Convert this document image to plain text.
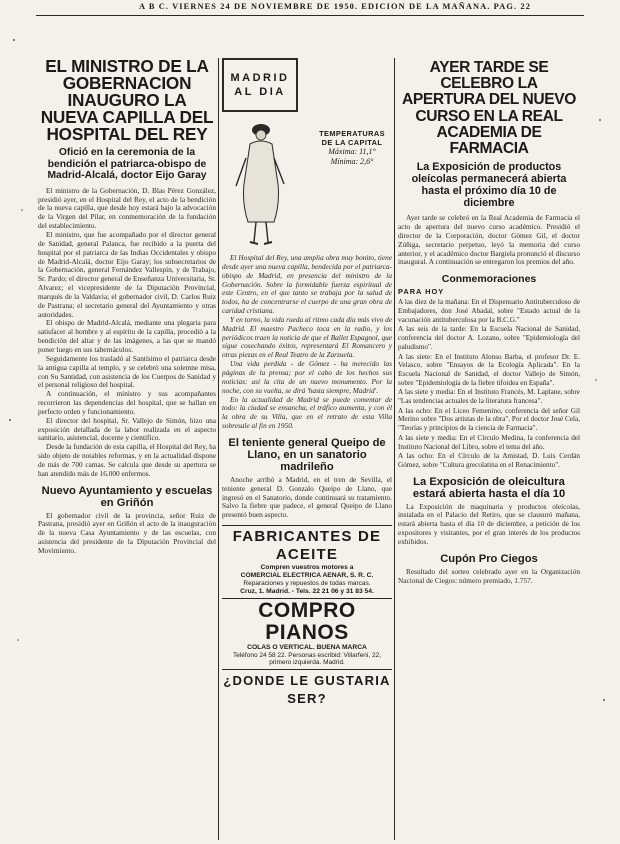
A B C. VIERNES 24 DE NOVIEMBRE DE 1950. EDICION DE LA MAÑANA. PAG. 22
EL MINISTRO DE LA GOBERNACION INAUGURO LA NUEVA CAPILLA DEL HOSPITAL DEL REY
Ofició en la ceremonia de la bendición el patriarca-obispo de Madrid-Alcalá, doctor Eijo Garay

El ministro de la Gobernación, D. Blas Pérez González, presidió ayer, en el Hospital del Rey, el acto de la bendición de la nueva capilla, que desde hoy estará bajo la advocación de la Virgen del Pilar, en conmemoración de la fundación del establecimiento.

El ministro, que fue acompañado por el director general de Sanidad, general Palanca, fue recibido a la puerta del hospital por el patriarca de las Indias Occidentales y obispo de Madrid-Alcalá, doctor Eijo Garay; los subsecretarios de la Gobernación, general Fernández Vallespín, y de Trabajo, Sr. Pardo; el director general de Enseñanza Universitaria, Sr. Alvarez; el vicepresidente de la Diputación Provincial, marqués de la Valdavia; el gobernador civil, D. Carlos Ruiz de Pastrana; el secretario general del Ayuntamiento y otras autoridades.

El obispo de Madrid-Alcalá, mediante una plegaria para satisfacer al hombre y al espíritu de la capilla, procedió a la bendición del altar y de las imágenes, a las que se mandó poner luego en sus tabernáculos.

Seguidamente los trasladó al Santísimo el patriarca desde la antigua capilla al templo, y se celebró una solemne misa, con Su Santidad, con asistencia de los Cuerpos de Sanidad y el personal religioso del hospital.

A continuación, el ministro y sus acompañantes recorrieron las dependencias del hospital, que se hallan en perfecto orden y funcionamiento.

El director del hospital, Sr. Vallejo de Simón, hizo una exposición detallada de la labor realizada en el aspecto sanitario, asistencial, docente y científico.

Desde la fundación de esta capilla, el Hospital del Rey, ha sido objeto de notables reformas, y en la actualidad dispone de más de 700 camas. Se calcula que desde su apertura se han atendido más de 16.000 enfermos.

Nuevo Ayuntamiento y escuelas en Griñón

El gobernador civil de la provincia, señor Ruiz de Pastrana, presidió ayer en Griñón el acto de la inauguración de la nueva Casa Ayuntamiento y de las escuelas, con asistencia del presidente de la Diputación Provincial del Movimiento.

MADRID
AL DIA
TEMPERATURAS
DE LA CAPITAL
Máxima: 11,1°
Mínima: 2,6°

El Hospital del Rey, una amplia obra muy bonito, tiene desde ayer una nueva capilla, bendecida por el patriarca-obispo de Madrid, en presencia del ministro de la Gobernación. Sobre la formidable fuerza espiritual de este Centro, en el que tanto se trabaja por la salud de todos, ha de concentrarse el cuerpo de una gran obra de caridad cristiana.

Y en torno, la vida rueda al ritmo cada día más vivo de Madrid. El maestro Pacheco toca en la radio, y los periódicos traen la noticia de que el Ballet Espagnol, que sigue cosechando éxitos, representará El Romancero y otras piezas en el Real Teatro de la Zarzuela.

Una vida perdida - de Gómez - ha merecido las páginas de la prensa; por el cabo de los hechos sus noticias: así la cita de un nuevo monumento. Por la noche, con su vuelta, se dirá 'hasta siempre, Madrid'.

En la actualidad de Madrid se puede comentar de todo: la ciudad se ensancha, el tráfico aumenta, y con él la obra de su Villa, que en el retrato de esta Villa sobresale al fin en 1950.

El teniente general Queipo de Llano, en un sanatorio madrileño

Anoche arribó a Madrid, en el tren de Sevilla, el teniente general D. Gonzalo Queipo de Llano, que ingresó en el Sanatorio, donde continuará su tratamiento. Salvo la fiebre que padece, el general Queipo de Llano presentó buen aspecto.

FABRICANTES DE ACEITE
Compren vuestros motores a
COMERCIAL ELECTRICA AENAR, S. R. C.
Reparaciones y repuestos de todas marcas.
Cruz, 1. Madrid. - Tels. 22 21 06 y 31 83 54.
COMPRO PIANOS
COLAS O VERTICAL. BUENA MARCA
Teléfono 24 58 22. Personas escribid: Villarfeni, 22, primero izquierda. Madrid.
¿DONDE LE GUSTARIA SER?
AYER TARDE SE CELEBRO LA APERTURA DEL NUEVO CURSO EN LA REAL ACADEMIA DE FARMACIA
La Exposición de productos oleícolas permanecerá abierta hasta el próximo día 10 de diciembre

Ayer tarde se celebró en la Real Academia de Farmacia el acto de apertura del nuevo curso académico. Presidió el director de la Corporación, doctor Gómez Gil, el doctor Zúñiga, secretario perpetuo, leyó la memoria del curso anterior, y el académico doctor Bargiela pronunció el discurso inaugural. A continuación se entregaron los premios del año.

Conmemoraciones
PARA HOY

A las diez de la mañana: En el Dispensario Antituberculoso de Embajadores, don José Abadal, sobre "Estado actual de la vacunación antituberculosa por la B.C.G."

A las seis de la tarde: En la Escuela Nacional de Sanidad, conferencia del doctor A. Lozano, sobre "Epidemiología del paludismo".

A las siete: En el Instituto Alonso Barba, el profesor Dr. E. Velasco, sobre "Ensayos de la Ecología Aplicada". En la Escuela Nacional de Sanidad, el doctor Vallejo de Simón, sobre "Epidemiología de la fiebre tifoidea en España".

A las siete y media: En el Instituto Francés, M. Laplane, sobre "Las tendencias actuales de la literatura francesa".

A las ocho: En el Liceo Femenino, conferencia del señor Gil Merino sobre "Dos artistas de la obra". Por el doctor José Cela, "Teorías y principios de la ciencia de Farmacia".

A las siete y media: En el Círculo Medina, la conferencia del Instituto Nacional del Libro, sobre el tema del año.

A las ocho: En el Círculo de la Amistad, D. Luis Cerdán Gómez, sobre "Cultura grecolatina en el Renacimiento".

La Exposición de oleicultura estará abierta hasta el día 10

La Exposición de maquinaria y productos oleícolas, instalada en el Palacio del Retiro, que se clausuró mañana, estará abierta hasta el día 10 de diciembre, a petición de los expositores y visitantes, por el gran interés de los productos exhibidos.

Cupón Pro Ciegos

Resultado del sorteo celebrado ayer en la Organización Nacional de Ciegos: número premiado, 1.757.
